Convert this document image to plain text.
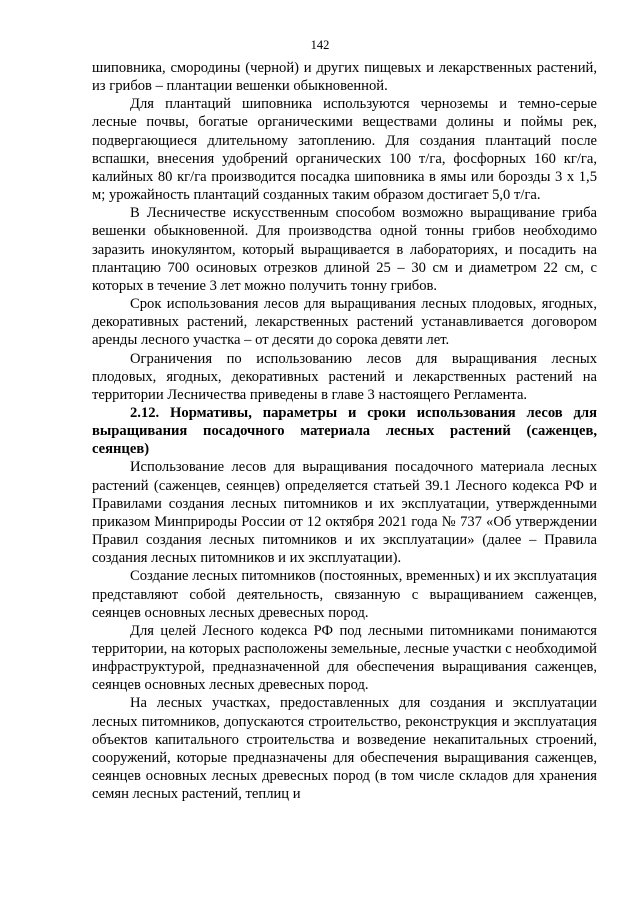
142

шиповника, смородины (черной) и других пищевых и лекарственных растений, из грибов – плантации вешенки обыкновенной.

Для плантаций шиповника используются черноземы и темно-серые лесные почвы, богатые органическими веществами долины и поймы рек, подвергающиеся длительному затоплению. Для создания плантаций после вспашки, внесения удобрений органических 100 т/га, фосфорных 160 кг/га, калийных 80 кг/га производится посадка шиповника в ямы или борозды 3 х 1,5 м; урожайность плантаций созданных таким образом достигает 5,0 т/га.

В Лесничестве искусственным способом возможно выращивание гриба вешенки обыкновенной. Для производства одной тонны грибов необходимо заразить инокулянтом, который выращивается в лабораториях, и посадить на плантацию 700 осиновых отрезков длиной 25 – 30 см и диаметром 22 см, с которых в течение 3 лет можно получить тонну грибов.

Срок использования лесов для выращивания лесных плодовых, ягодных, декоративных растений, лекарственных растений устанавливается договором аренды лесного участка – от десяти до сорока девяти лет.

Ограничения по использованию лесов для выращивания лесных плодовых, ягодных, декоративных растений и лекарственных растений на территории Лесничества приведены в главе 3 настоящего Регламента.

2.12. Нормативы, параметры и сроки использования лесов для выращивания посадочного материала лесных растений (саженцев, сеянцев)

Использование лесов для выращивания посадочного материала лесных растений (саженцев, сеянцев) определяется статьей 39.1 Лесного кодекса РФ и Правилами создания лесных питомников и их эксплуатации, утвержденными приказом Минприроды России от 12 октября 2021 года № 737 «Об утверждении Правил создания лесных питомников и их эксплуатации» (далее – Правила создания лесных питомников и их эксплуатации).

Создание лесных питомников (постоянных, временных) и их эксплуатация представляют собой деятельность, связанную с выращиванием саженцев, сеянцев основных лесных древесных пород.

Для целей Лесного кодекса РФ под лесными питомниками понимаются территории, на которых расположены земельные, лесные участки с необходимой инфраструктурой, предназначенной для обеспечения выращивания саженцев, сеянцев основных лесных древесных пород.

На лесных участках, предоставленных для создания и эксплуатации лесных питомников, допускаются строительство, реконструкция и эксплуатация объектов капитального строительства и возведение некапитальных строений, сооружений, которые предназначены для обеспечения выращивания саженцев, сеянцев основных лесных древесных пород (в том числе складов для хранения семян лесных растений, теплиц и
